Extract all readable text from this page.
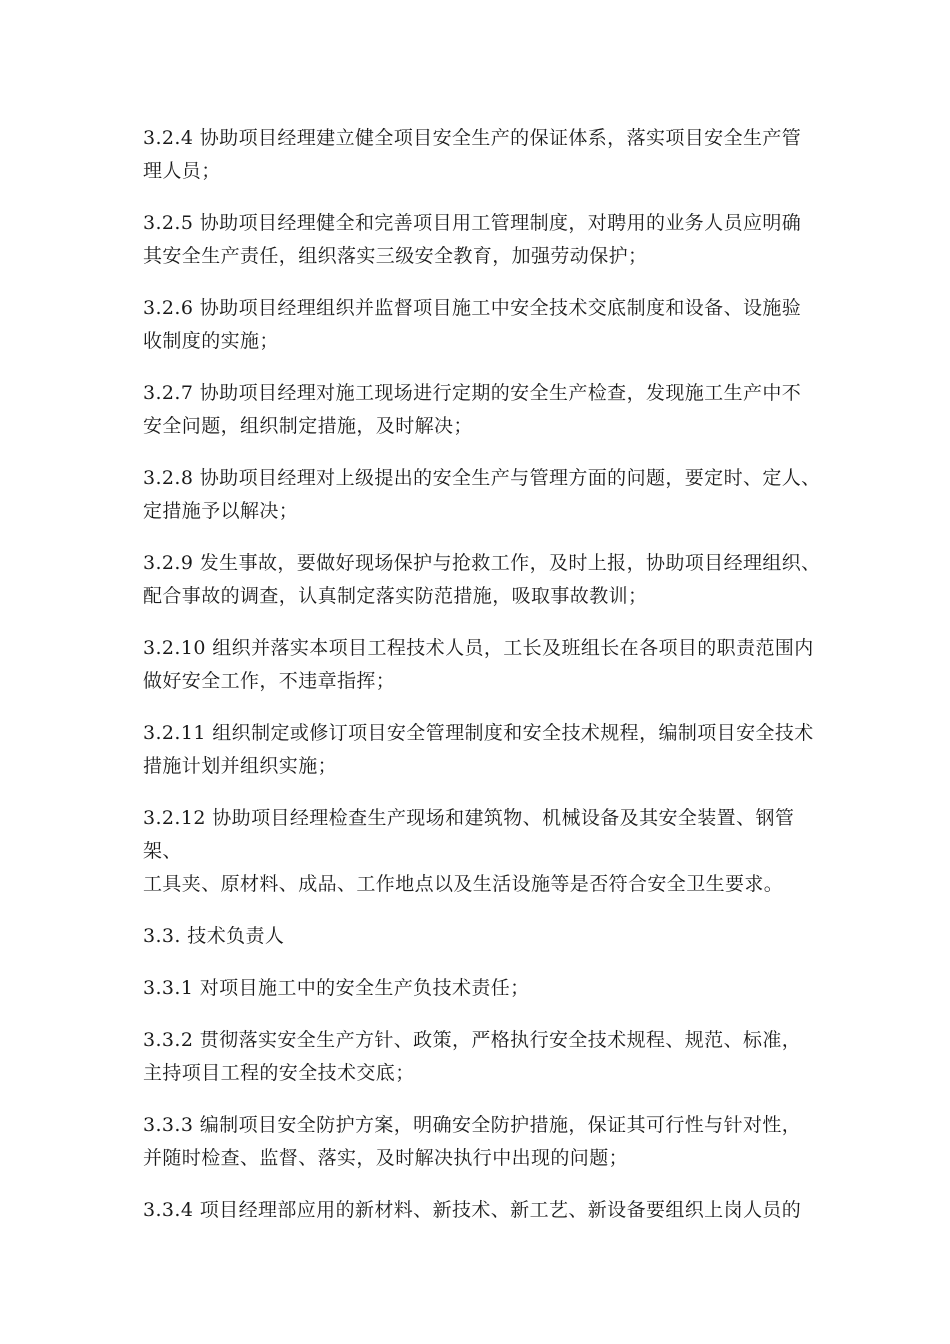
3.2.4 协助项目经理建立健全项目安全生产的保证体系，落实项目安全生产管
理人员；

3.2.5 协助项目经理健全和完善项目用工管理制度，对聘用的业务人员应明确
其安全生产责任，组织落实三级安全教育，加强劳动保护；

3.2.6 协助项目经理组织并监督项目施工中安全技术交底制度和设备、设施验
收制度的实施；

3.2.7 协助项目经理对施工现场进行定期的安全生产检查，发现施工生产中不
安全问题，组织制定措施，及时解决；

3.2.8 协助项目经理对上级提出的安全生产与管理方面的问题，要定时、定人、
定措施予以解决；

3.2.9 发生事故，要做好现场保护与抢救工作，及时上报，协助项目经理组织、
配合事故的调查，认真制定落实防范措施，吸取事故教训；

3.2.10 组织并落实本项目工程技术人员，工长及班组长在各项目的职责范围内
做好安全工作，不违章指挥；

3.2.11 组织制定或修订项目安全管理制度和安全技术规程，编制项目安全技术
措施计划并组织实施；

3.2.12 协助项目经理检查生产现场和建筑物、机械设备及其安全装置、钢管架、
工具夹、原材料、成品、工作地点以及生活设施等是否符合安全卫生要求。

3.3. 技术负责人

3.3.1 对项目施工中的安全生产负技术责任；

3.3.2 贯彻落实安全生产方针、政策，严格执行安全技术规程、规范、标准，
主持项目工程的安全技术交底；

3.3.3 编制项目安全防护方案，明确安全防护措施，保证其可行性与针对性，
并随时检查、监督、落实，及时解决执行中出现的问题；

3.3.4 项目经理部应用的新材料、新技术、新工艺、新设备要组织上岗人员的
